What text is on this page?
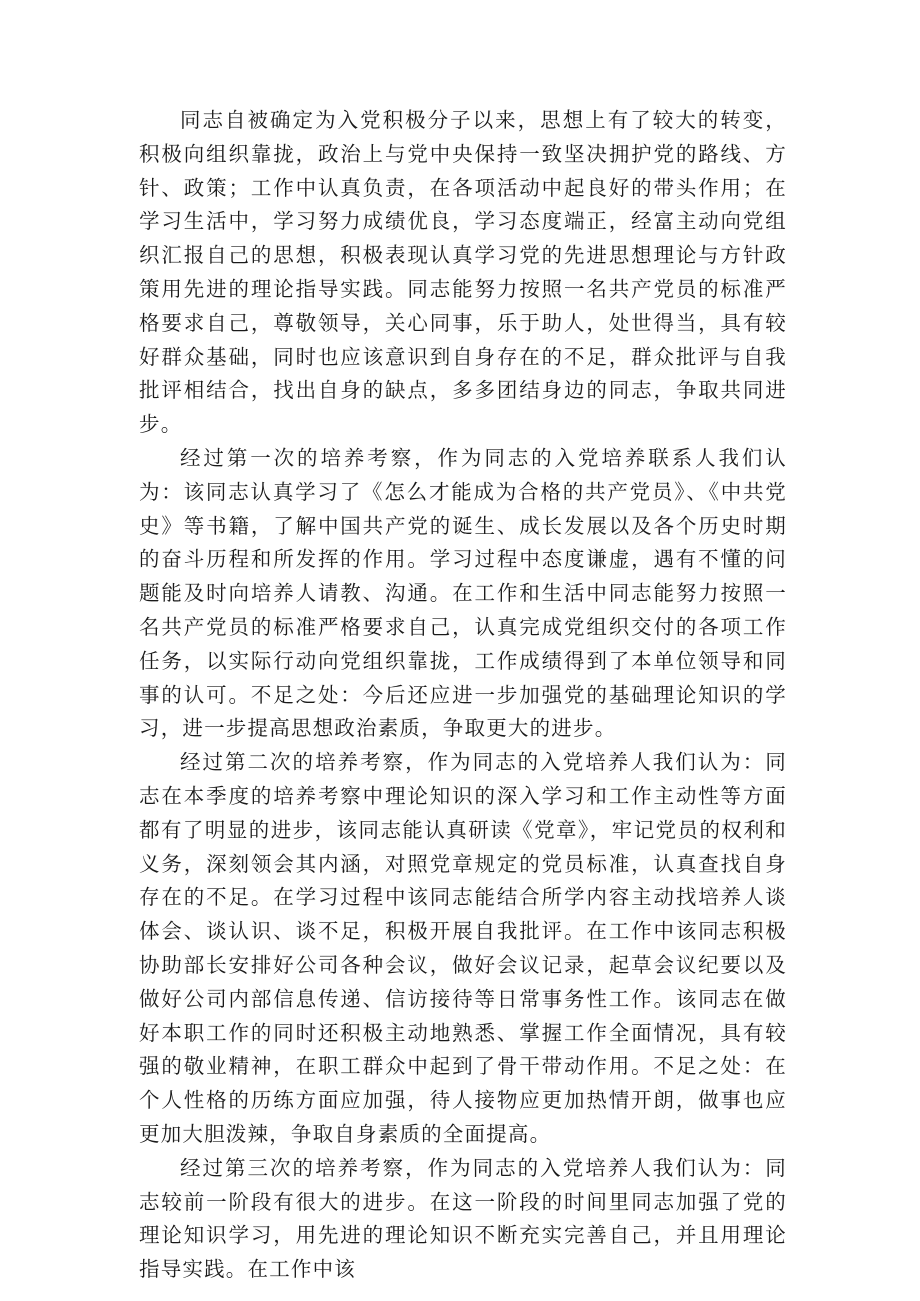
同志自被确定为入党积极分子以来，思想上有了较大的转变，积极向组织靠拢，政治上与党中央保持一致坚决拥护党的路线、方针、政策；工作中认真负责，在各项活动中起良好的带头作用；在学习生活中，学习努力成绩优良，学习态度端正，经富主动向党组织汇报自己的思想，积极表现认真学习党的先进思想理论与方针政策用先进的理论指导实践。同志能努力按照一名共产党员的标准严格要求自己，尊敬领导，关心同事，乐于助人，处世得当，具有较好群众基础，同时也应该意识到自身存在的不足，群众批评与自我批评相结合，找出自身的缺点，多多团结身边的同志，争取共同进步。

经过第一次的培养考察，作为同志的入党培养联系人我们认为：该同志认真学习了《怎么才能成为合格的共产党员》、《中共党史》等书籍，了解中国共产党的诞生、成长发展以及各个历史时期的奋斗历程和所发挥的作用。学习过程中态度谦虚，遇有不懂的问题能及时向培养人请教、沟通。在工作和生活中同志能努力按照一名共产党员的标准严格要求自己，认真完成党组织交付的各项工作任务，以实际行动向党组织靠拢，工作成绩得到了本单位领导和同事的认可。不足之处：今后还应进一步加强党的基础理论知识的学习，进一步提高思想政治素质，争取更大的进步。

经过第二次的培养考察，作为同志的入党培养人我们认为：同志在本季度的培养考察中理论知识的深入学习和工作主动性等方面都有了明显的进步，该同志能认真研读《党章》，牢记党员的权利和义务，深刻领会其内涵，对照党章规定的党员标准，认真查找自身存在的不足。在学习过程中该同志能结合所学内容主动找培养人谈体会、谈认识、谈不足，积极开展自我批评。在工作中该同志积极协助部长安排好公司各种会议，做好会议记录，起草会议纪要以及做好公司内部信息传递、信访接待等日常事务性工作。该同志在做好本职工作的同时还积极主动地熟悉、掌握工作全面情况，具有较强的敬业精神，在职工群众中起到了骨干带动作用。不足之处：在个人性格的历练方面应加强，待人接物应更加热情开朗，做事也应更加大胆泼辣，争取自身素质的全面提高。

经过第三次的培养考察，作为同志的入党培养人我们认为：同志较前一阶段有很大的进步。在这一阶段的时间里同志加强了党的理论知识学习，用先进的理论知识不断充实完善自己，并且用理论指导实践。在工作中该
